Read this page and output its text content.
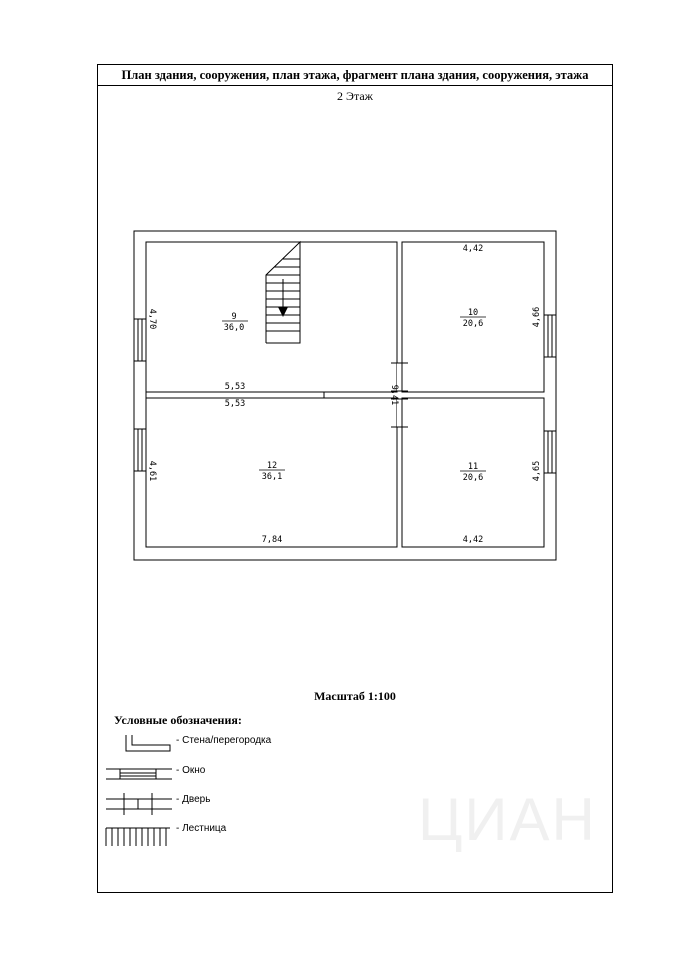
План здания, сооружения, план этажа, фрагмент плана здания, сооружения, этажа
2 Этаж
ЦИАН
9
36,0
10
20,6
11
20,6
12
36,1
5,53
5,53
7,84
4,42
4,42
4,70
4,61
4,66
4,65
9,41
Масштаб 1:100
Условные обозначения:
- Стена/перегородка
- Окно
- Дверь
- Лестница
